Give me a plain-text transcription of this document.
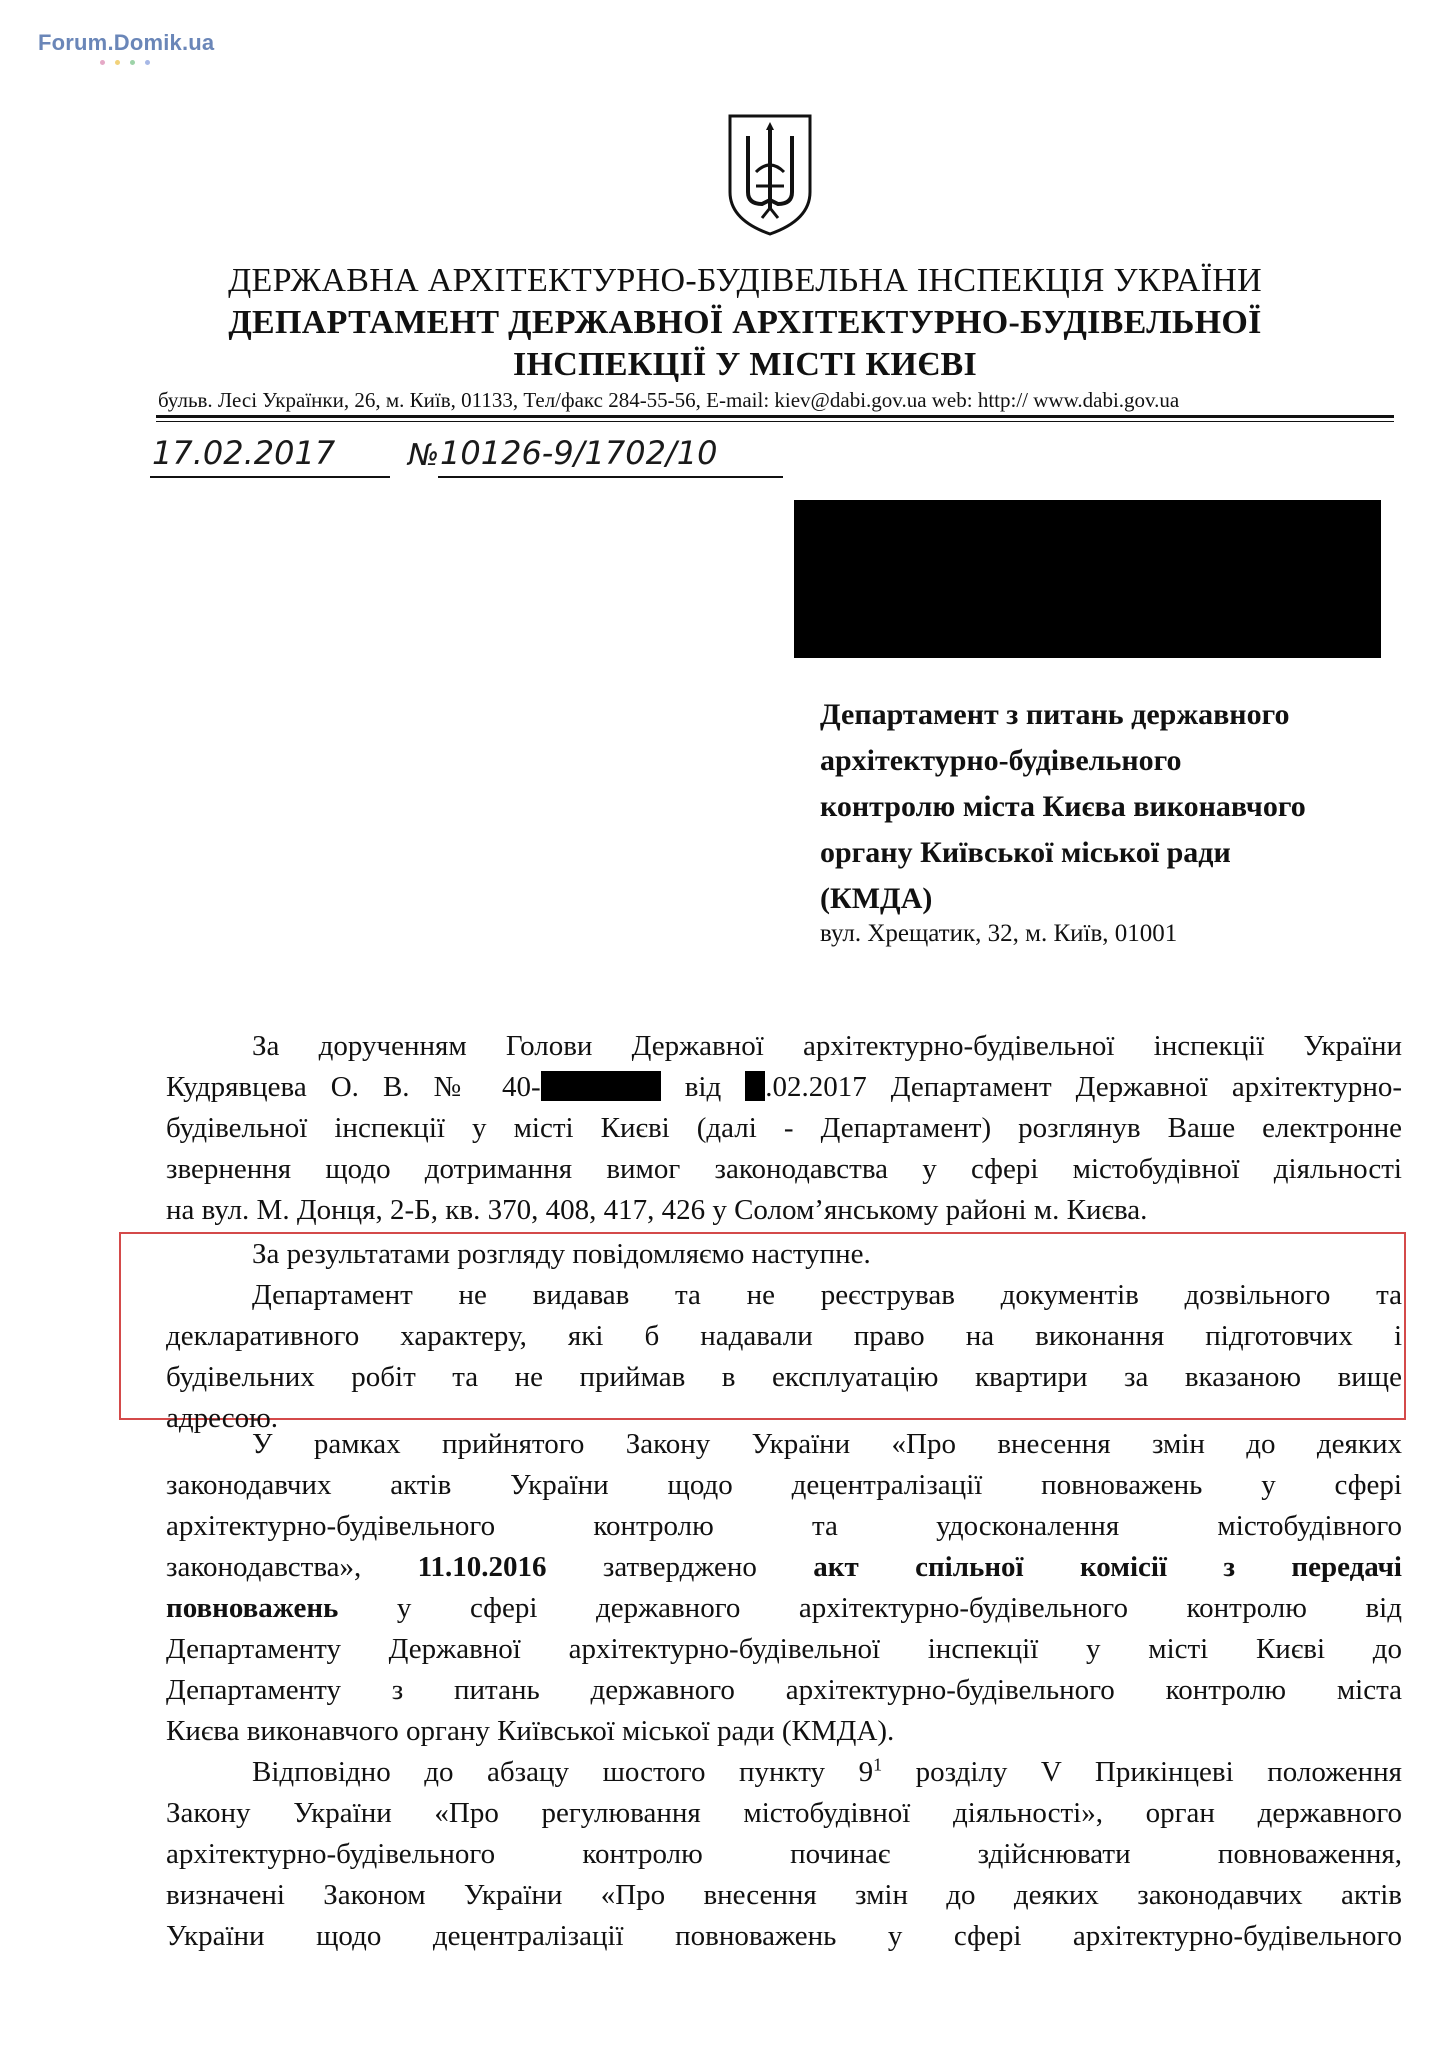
Forum.Domik.ua
ДЕРЖАВНА АРХІТЕКТУРНО-БУДІВЕЛЬНА ІНСПЕКЦІЯ УКРАЇНИ
ДЕПАРТАМЕНТ ДЕРЖАВНОЇ АРХІТЕКТУРНО-БУДІВЕЛЬНОЇ
ІНСПЕКЦІЇ У МІСТІ КИЄВІ
бульв. Лесі Українки, 26, м. Київ, 01133, Тел/факс 284-55-56, E-mail: kiev@dabi.gov.ua web: http:// www.dabi.gov.ua
17.02.2017 № 10126-9/1702/10
Департамент з питань державного
архітектурно-будівельного
контролю міста Києва виконавчого
органу Київської міської ради
(КМДА)
вул. Хрещатик, 32, м. Київ, 01001
За дорученням Голови Державної архітектурно-будівельної інспекції України
Кудрявцева О. В. № 40-	від .02.2017 Департамент Державної архітектурно-
будівельної інспекції у місті Києві (далі - Департамент) розглянув Ваше електронне
звернення щодо дотримання вимог законодавства у сфері містобудівної діяльності
на вул. М. Донця, 2-Б, кв. 370, 408, 417, 426 у Солом’янському районі м. Києва.
За результатами розгляду повідомляємо наступне.
Департамент не видавав та не реєстрував документів дозвільного та
декларативного характеру, які б надавали право на виконання підготовчих і
будівельних робіт та не приймав в експлуатацію квартири за вказаною вище
адресою.
У рамках прийнятого Закону України «Про внесення змін до деяких
законодавчих актів України щодо децентралізації повноважень у сфері
архітектурно-будівельного контролю та удосконалення містобудівного
законодавства», 11.10.2016 затверджено акт спільної комісії з передачі
повноважень у сфері державного архітектурно-будівельного контролю від
Департаменту Державної архітектурно-будівельної інспекції у місті Києві до
Департаменту з питань державного архітектурно-будівельного контролю міста
Києва виконавчого органу Київської міської ради (КМДА).
Відповідно до абзацу шостого пункту $9^1$ розділу V Прикінцеві положення
Закону України «Про регулювання містобудівної діяльності», орган державного
архітектурно-будівельного контролю починає здійснювати повноваження,
визначені Законом України «Про внесення змін до деяких законодавчих актів
України щодо децентралізації повноважень у сфері архітектурно-будівельного
